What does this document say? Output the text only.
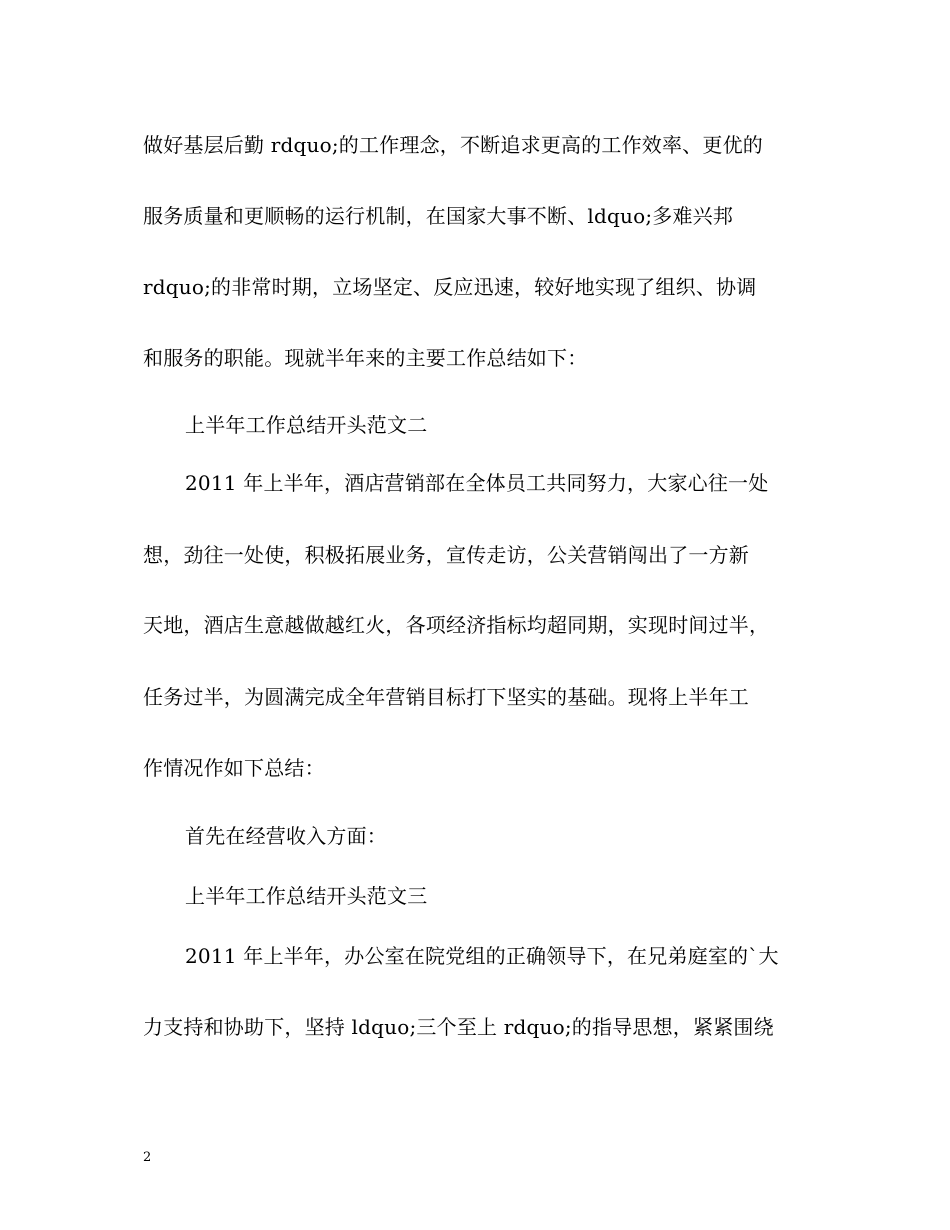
做好基层后勤 rdquo;的工作理念，不断追求更高的工作效率、更优的
服务质量和更顺畅的运行机制，在国家大事不断、ldquo;多难兴邦
rdquo;的非常时期，立场坚定、反应迅速，较好地实现了组织、协调
和服务的职能。现就半年来的主要工作总结如下：
上半年工作总结开头范文二
2011 年上半年，酒店营销部在全体员工共同努力，大家心往一处
想，劲往一处使，积极拓展业务，宣传走访，公关营销闯出了一方新
天地，酒店生意越做越红火，各项经济指标均超同期，实现时间过半，
任务过半，为圆满完成全年营销目标打下坚实的基础。现将上半年工
作情况作如下总结：
首先在经营收入方面：
上半年工作总结开头范文三
2011 年上半年，办公室在院党组的正确领导下，在兄弟庭室的`大
力支持和协助下，坚持 ldquo;三个至上 rdquo;的指导思想，紧紧围绕
2
